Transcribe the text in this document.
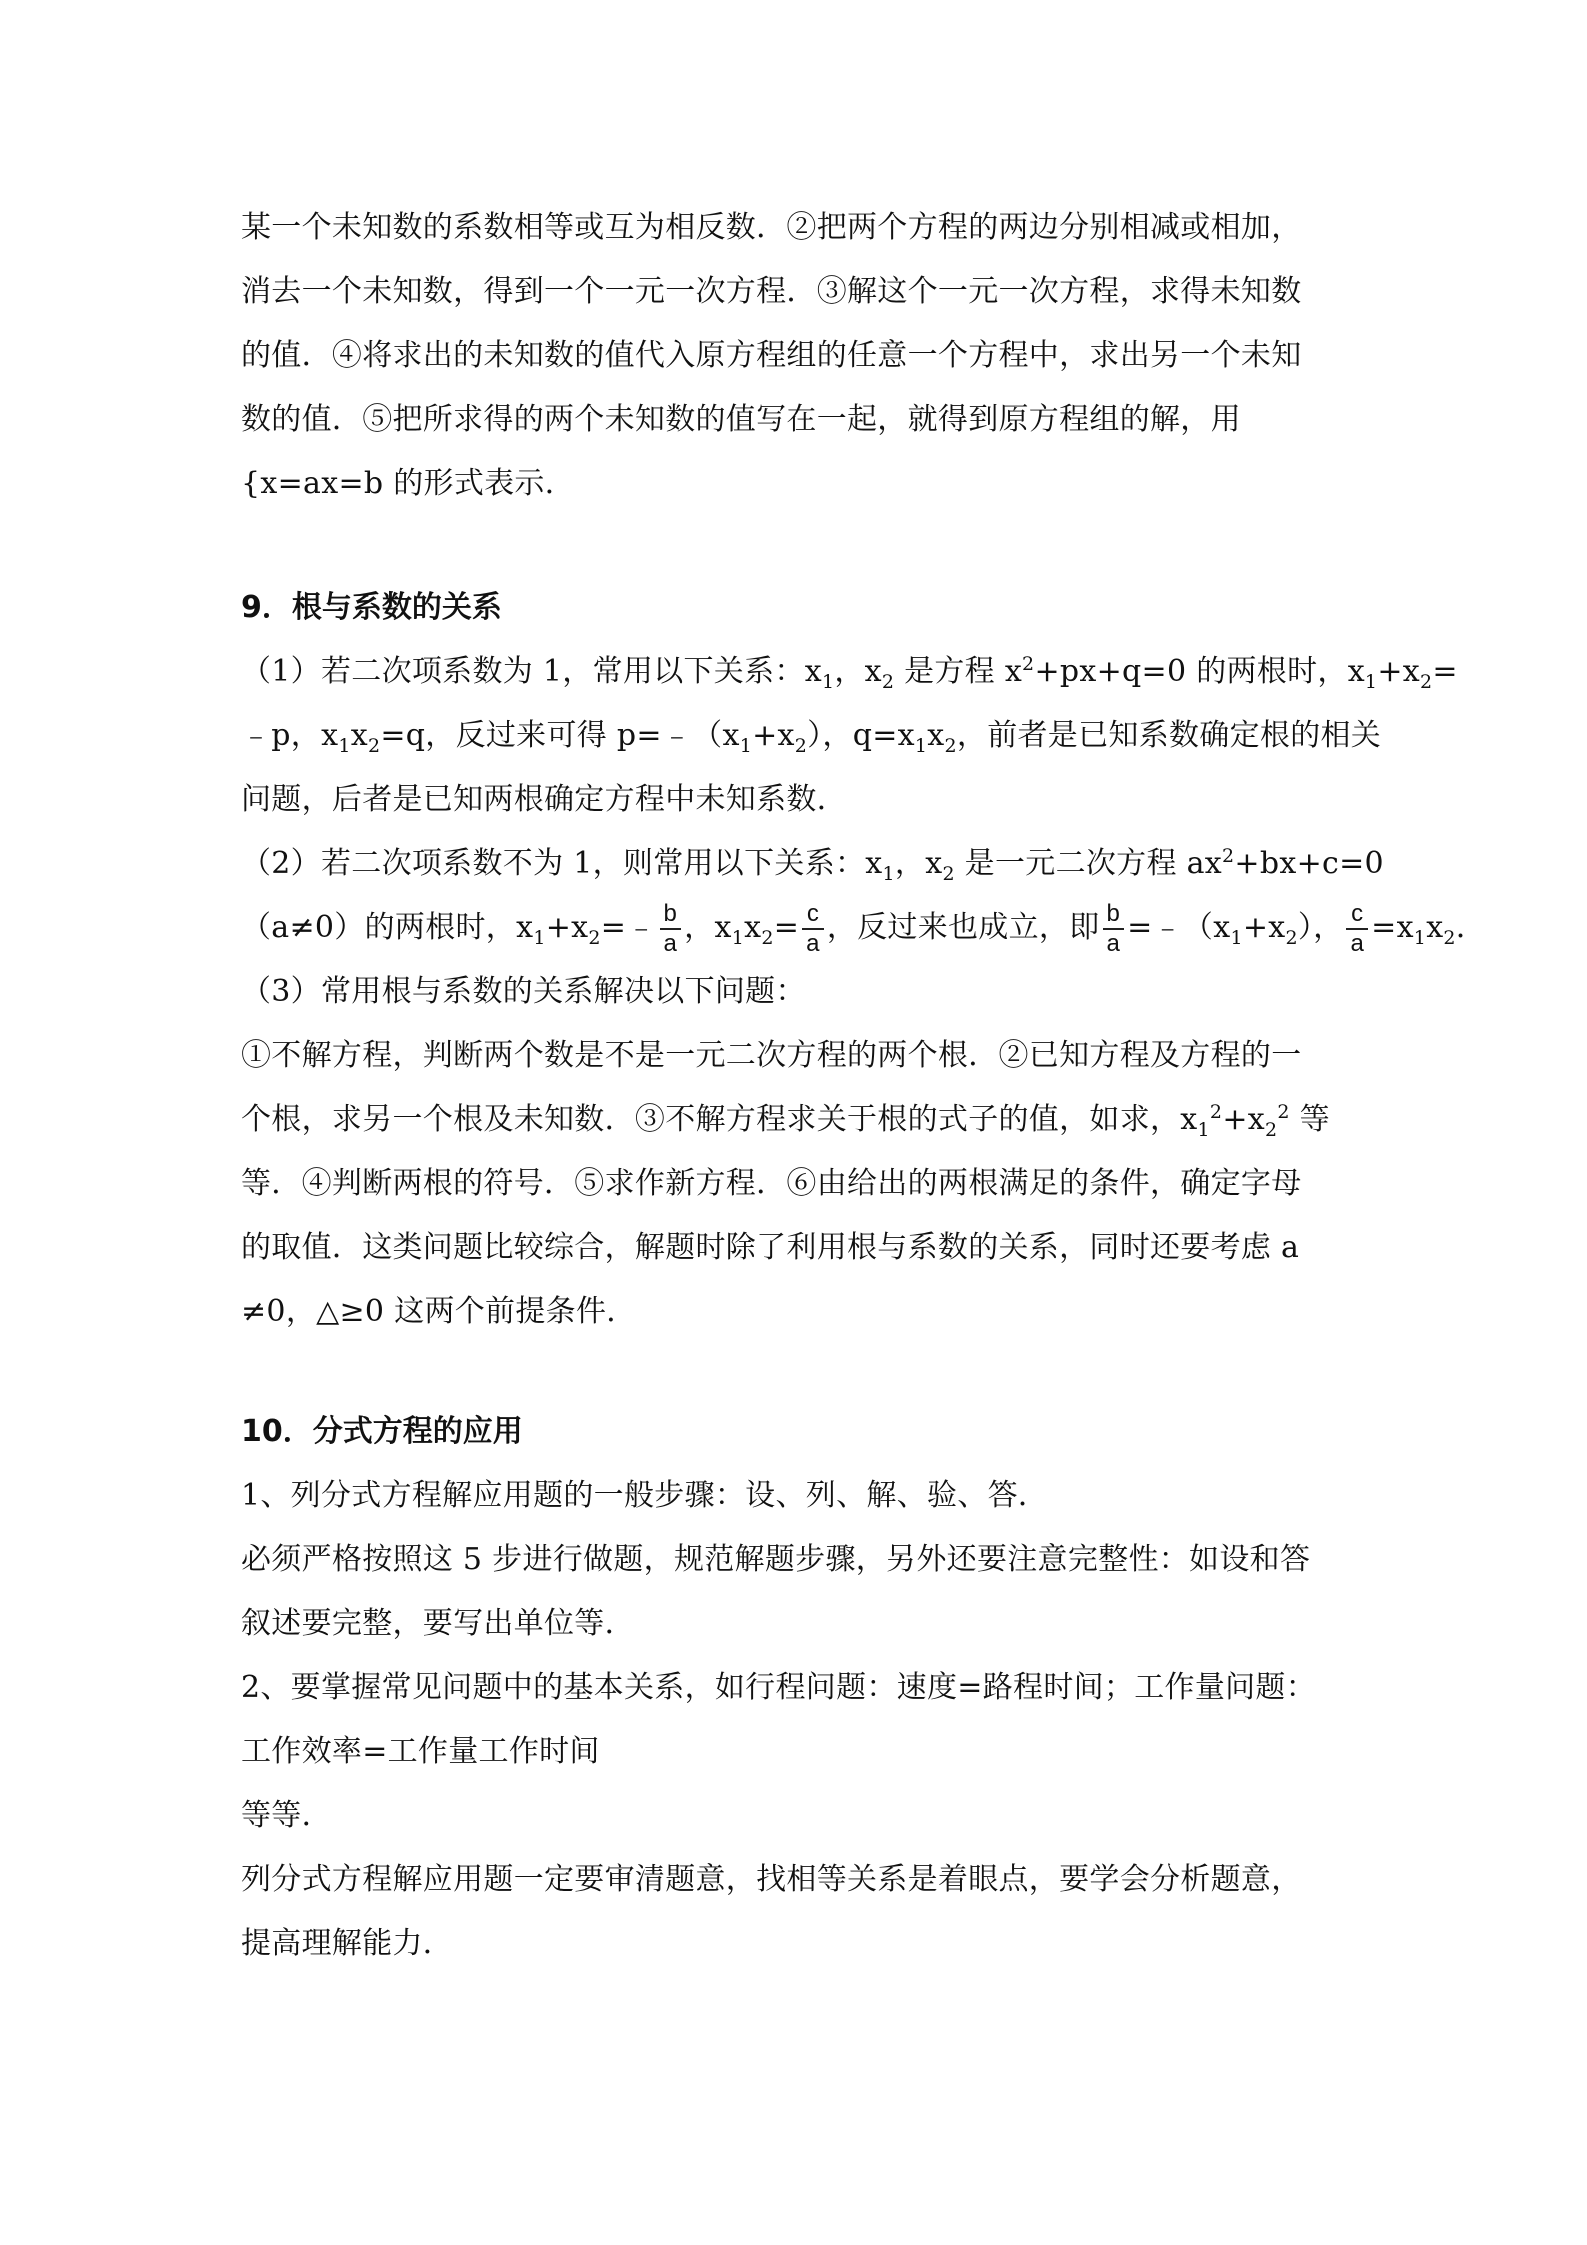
某一个未知数的系数相等或互为相反数．②把两个方程的两边分别相减或相加，
消去一个未知数，得到一个一元一次方程．③解这个一元一次方程，求得未知数
的值．④将求出的未知数的值代入原方程组的任意一个方程中，求出另一个未知
数的值．⑤把所求得的两个未知数的值写在一起，就得到原方程组的解，用
{x=ax=b 的形式表示．
9．根与系数的关系
（1）若二次项系数为 1，常用以下关系：$x_1$，$x_2$ 是方程 $x^2+px+q=0$ 的两根时，$x_1+x_2=$
﹣p，$x_1x_2=q$，反过来可得 $p=﹣(x_1+x_2)$，$q=x_1x_2$，前者是已知系数确定根的相关
问题，后者是已知两根确定方程中未知系数．
（2）若二次项系数不为 1，则常用以下关系：$x_1$，$x_2$ 是一元二次方程 $ax^2+bx+c=0$
（a≠0）的两根时，$x_1+x_2=﹣ \frac{b}{a}$ ，$x_1x_2= \frac{c}{a}$ ，反过来也成立，即 $\frac{b}{a}$ $=﹣(x_1+x_2)$， $\frac{c}{a} =x_1x_2$．
（3）常用根与系数的关系解决以下问题：
①不解方程，判断两个数是不是一元二次方程的两个根．②已知方程及方程的一
个根，求另一个根及未知数．③不解方程求关于根的式子的值，如求，$x_1^2+x_2^2$ 等
等．④判断两根的符号．⑤求作新方程．⑥由给出的两根满足的条件，确定字母
的取值．这类问题比较综合，解题时除了利用根与系数的关系，同时还要考虑 a
≠0，△≥0 这两个前提条件．
10．分式方程的应用
1、列分式方程解应用题的一般步骤：设、列、解、验、答．
必须严格按照这 5 步进行做题，规范解题步骤，另外还要注意完整性：如设和答
叙述要完整，要写出单位等．
2、要掌握常见问题中的基本关系，如行程问题：速度=路程时间；工作量问题：
工作效率=工作量工作时间
等等．
列分式方程解应用题一定要审清题意，找相等关系是着眼点，要学会分析题意，
提高理解能力．
